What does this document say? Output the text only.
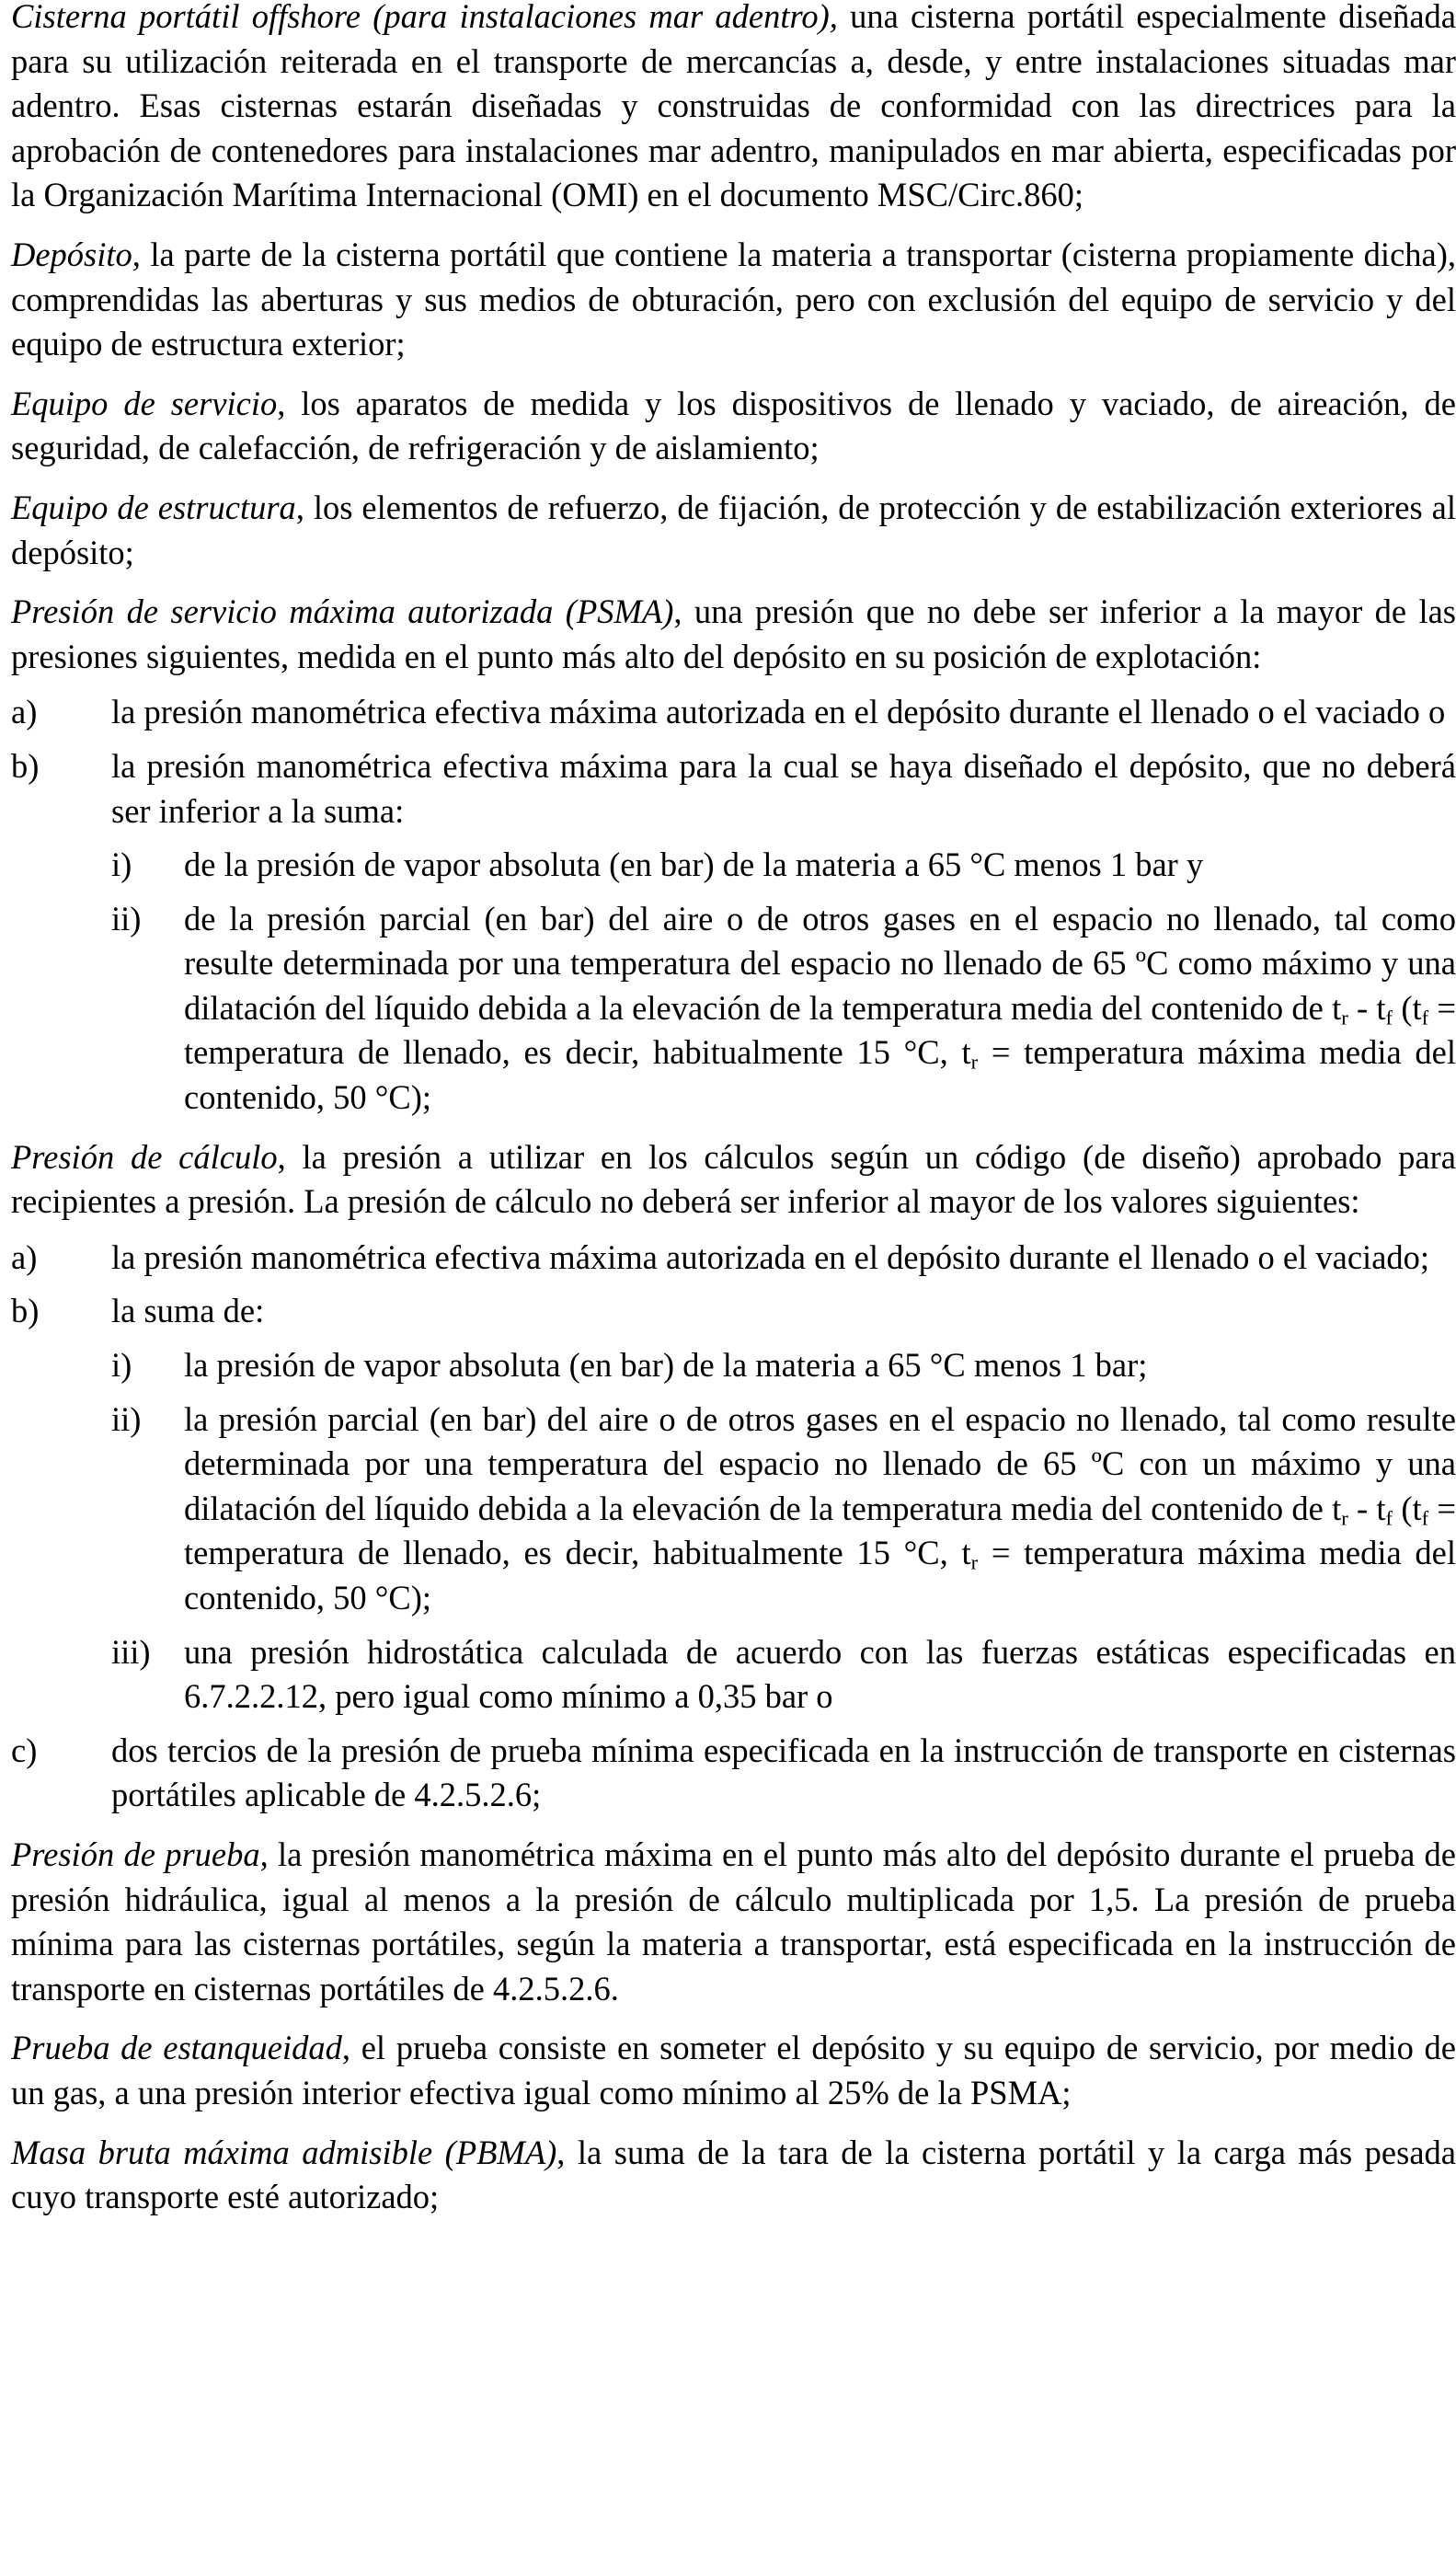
Cisterna portátil offshore (para instalaciones mar adentro), una cisterna portátil especialmente diseñada para su utilización reiterada en el transporte de mercancías a, desde, y entre instalaciones situadas mar adentro. Esas cisternas estarán diseñadas y construidas de conformidad con las directrices para la aprobación de contenedores para instalaciones mar adentro, manipulados en mar abierta, especificadas por la Organización Marítima Internacional (OMI) en el documento MSC/Circ.860;

Depósito, la parte de la cisterna portátil que contiene la materia a transportar (cisterna propiamente dicha), comprendidas las aberturas y sus medios de obturación, pero con exclusión del equipo de servicio y del equipo de estructura exterior;

Equipo de servicio, los aparatos de medida y los dispositivos de llenado y vaciado, de aireación, de seguridad, de calefacción, de refrigeración y de aislamiento;

Equipo de estructura, los elementos de refuerzo, de fijación, de protección y de estabilización exteriores al depósito;

Presión de servicio máxima autorizada (PSMA), una presión que no debe ser inferior a la mayor de las presiones siguientes, medida en el punto más alto del depósito en su posición de explotación:

a) la presión manométrica efectiva máxima autorizada en el depósito durante el llenado o el vaciado o
b) la presión manométrica efectiva máxima para la cual se haya diseñado el depósito, que no deberá ser inferior a la suma:
i) de la presión de vapor absoluta (en bar) de la materia a 65 °C menos 1 bar y
ii) de la presión parcial (en bar) del aire o de otros gases en el espacio no llenado, tal como resulte determinada por una temperatura del espacio no llenado de 65 ºC como máximo y una dilatación del líquido debida a la elevación de la temperatura media del contenido de $t_r - t_f$ ($t_f$ = temperatura de llenado, es decir, habitualmente 15 °C, $t_r$ = temperatura máxima media del contenido, 50 °C);

Presión de cálculo, la presión a utilizar en los cálculos según un código (de diseño) aprobado para recipientes a presión. La presión de cálculo no deberá ser inferior al mayor de los valores siguientes:

a) la presión manométrica efectiva máxima autorizada en el depósito durante el llenado o el vaciado;
b) la suma de:
i) la presión de vapor absoluta (en bar) de la materia a 65 °C menos 1 bar;
ii) la presión parcial (en bar) del aire o de otros gases en el espacio no llenado, tal como resulte determinada por una temperatura del espacio no llenado de 65 ºC con un máximo y una dilatación del líquido debida a la elevación de la temperatura media del contenido de $t_r - t_f$ ($t_f$ = temperatura de llenado, es decir, habitualmente 15 °C, $t_r$ = temperatura máxima media del contenido, 50 °C);
iii) una presión hidrostática calculada de acuerdo con las fuerzas estáticas especificadas en 6.7.2.2.12, pero igual como mínimo a 0,35 bar o
c) dos tercios de la presión de prueba mínima especificada en la instrucción de transporte en cisternas portátiles aplicable de 4.2.5.2.6;

Presión de prueba, la presión manométrica máxima en el punto más alto del depósito durante el prueba de presión hidráulica, igual al menos a la presión de cálculo multiplicada por 1,5. La presión de prueba mínima para las cisternas portátiles, según la materia a transportar, está especificada en la instrucción de transporte en cisternas portátiles de 4.2.5.2.6.

Prueba de estanqueidad, el prueba consiste en someter el depósito y su equipo de servicio, por medio de un gas, a una presión interior efectiva igual como mínimo al 25% de la PSMA;

Masa bruta máxima admisible (PBMA), la suma de la tara de la cisterna portátil y la carga más pesada cuyo transporte esté autorizado;
